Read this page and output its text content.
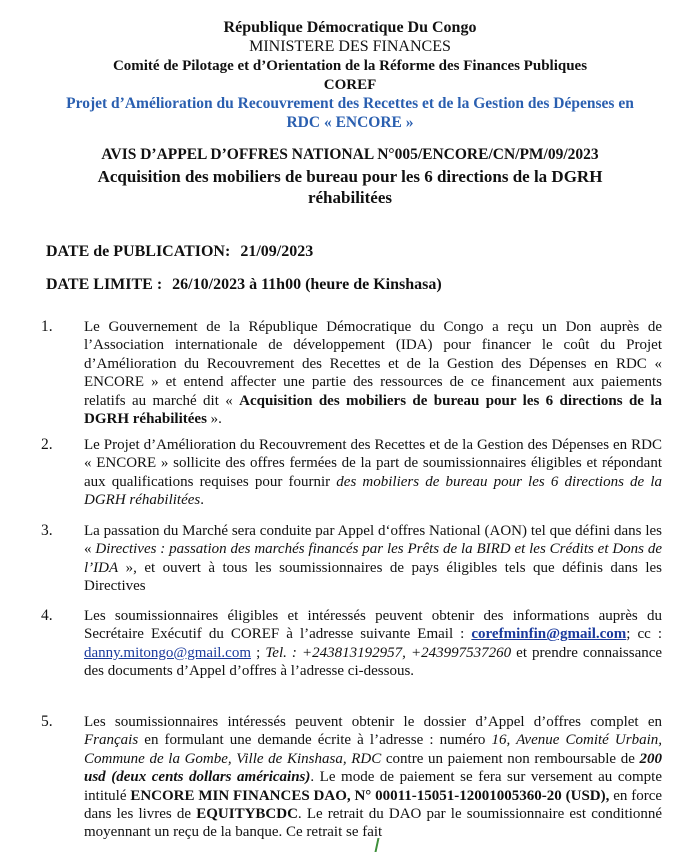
République Démocratique Du Congo
MINISTERE DES FINANCES
Comité de Pilotage et d’Orientation de la Réforme des Finances Publiques
COREF
Projet d’Amélioration du Recouvrement des Recettes et de la Gestion des Dépenses en
RDC « ENCORE »
AVIS D’APPEL D’OFFRES NATIONAL N°005/ENCORE/CN/PM/09/2023
Acquisition des mobiliers de bureau pour les 6 directions de la DGRH
réhabilitées
DATE de PUBLICATION: 21/09/2023
DATE LIMITE : 26/10/2023 à 11h00 (heure de Kinshasa)
1. Le Gouvernement de la République Démocratique du Congo a reçu un Don auprès de l’Association internationale de développement (IDA) pour financer le coût du Projet d’Amélioration du Recouvrement des Recettes et de la Gestion des Dépenses en RDC « ENCORE » et entend affecter une partie des ressources de ce financement aux paiements relatifs au marché dit « Acquisition des mobiliers de bureau pour les 6 directions de la DGRH réhabilitées ».
2. Le Projet d’Amélioration du Recouvrement des Recettes et de la Gestion des Dépenses en RDC « ENCORE » sollicite des offres fermées de la part de soumissionnaires éligibles et répondant aux qualifications requises pour fournir des mobiliers de bureau pour les 6 directions de la DGRH réhabilitées.
3. La passation du Marché sera conduite par Appel d‘offres National (AON) tel que défini dans les « Directives : passation des marchés financés par les Prêts de la BIRD et les Crédits et Dons de l’IDA », et ouvert à tous les soumissionnaires de pays éligibles tels que définis dans les Directives
4. Les soumissionnaires éligibles et intéressés peuvent obtenir des informations auprès du Secrétaire Exécutif du COREF à l’adresse suivante Email : corefminfin@gmail.com; cc : danny.mitongo@gmail.com ; Tel. : +243813192957, +243997537260 et prendre connaissance des documents d’Appel d’offres à l’adresse ci-dessous.
5. Les soumissionnaires intéressés peuvent obtenir le dossier d’Appel d’offres complet en Français en formulant une demande écrite à l’adresse : numéro 16, Avenue Comité Urbain, Commune de la Gombe, Ville de Kinshasa, RDC contre un paiement non remboursable de 200 usd (deux cents dollars américains). Le mode de paiement se fera sur versement au compte intitulé ENCORE MIN FINANCES DAO, N° 00011-15051-12001005360-20 (USD), en force dans les livres de EQUITYBCDC. Le retrait du DAO par le soumissionnaire est conditionné moyennant un reçu de la banque. Ce retrait se fait
